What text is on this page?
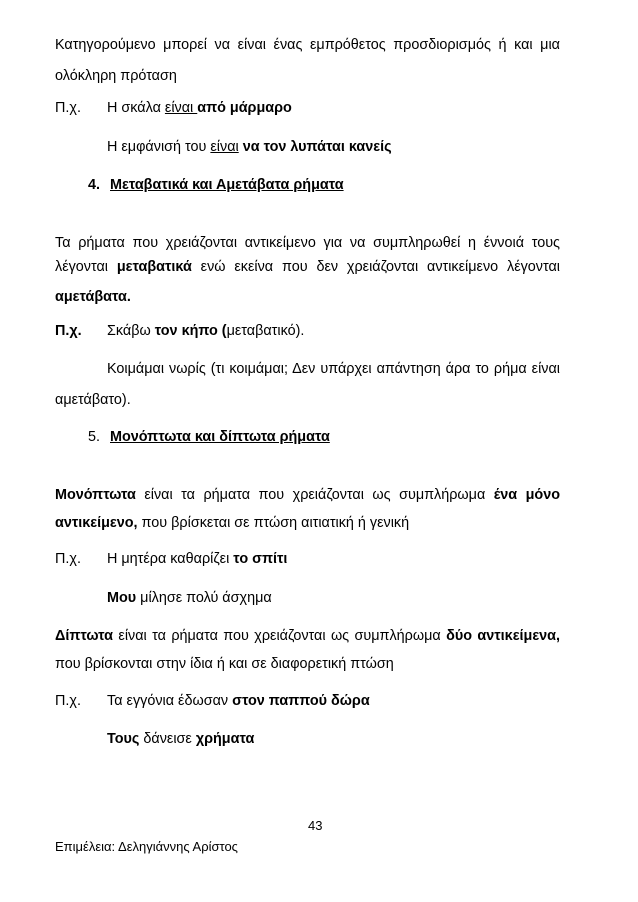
Κατηγορούμενο μπορεί να είναι ένας εμπρόθετος προσδιορισμός ή και μια
ολόκληρη πρόταση
Π.χ. Η σκάλα είναι από μάρμαρο
Η εμφάνισή του είναι να τον λυπάται κανείς
4. Μεταβατικά και Αμετάβατα ρήματα
Τα ρήματα που χρειάζονται αντικείμενο για να συμπληρωθεί η έννοιά τους
λέγονται μεταβατικά ενώ εκείνα που δεν χρειάζονται αντικείμενο λέγονται
αμετάβατα.
Π.χ. Σκάβω τον κήπο (μεταβατικό).
Κοιμάμαι νωρίς (τι κοιμάμαι; Δεν υπάρχει απάντηση άρα το ρήμα είναι
αμετάβατο).
5. Μονόπτωτα και δίπτωτα ρήματα
Μονόπτωτα είναι τα ρήματα που χρειάζονται ως συμπλήρωμα ένα μόνο
αντικείμενο, που βρίσκεται σε πτώση αιτιατική ή γενική
Π.χ. Η μητέρα καθαρίζει το σπίτι
Μου μίλησε πολύ άσχημα
Δίπτωτα είναι τα ρήματα που χρειάζονται ως συμπλήρωμα δύο αντικείμενα,
που βρίσκονται στην ίδια ή και σε διαφορετική πτώση
Π.χ. Τα εγγόνια έδωσαν στον παππού δώρα
Τους δάνεισε χρήματα
43
Επιμέλεια: Δεληγιάννης Αρίστος
